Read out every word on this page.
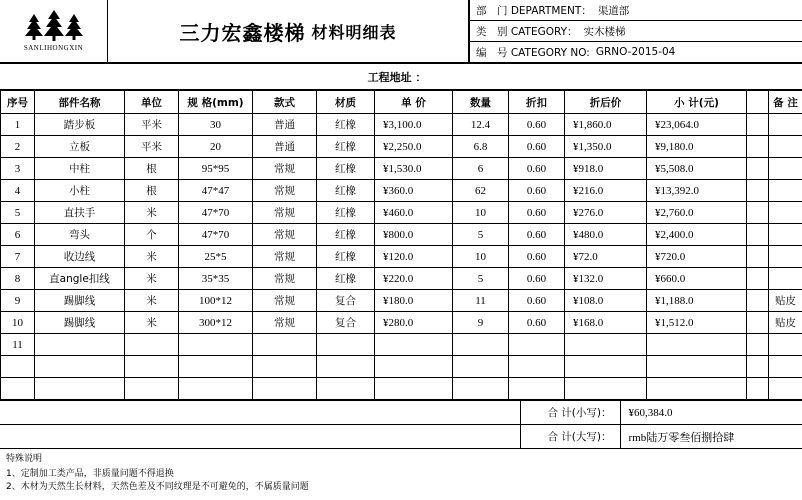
SANLIHONGXIN
三力宏鑫楼梯 材料明细表
部　门 DEPARTMENT： 渠道部
类　别 CATEGORY： 实木楼梯
编　号 CATEGORY NO: GRNO-2015-04
工程地址 ：
序号	部件名称	单位	规 格(mm)	款式	材质	单 价	数量	折扣	折后价	小 计(元)		备 注
1	踏步板	平米	30	普通	红橡	¥3,100.0	12.4	0.60	¥1,860.0	¥23,064.0		
2	立板	平米	20	普通	红橡	¥2,250.0	6.8	0.60	¥1,350.0	¥9,180.0		
3	中柱	根	95*95	常规	红橡	¥1,530.0	6	0.60	¥918.0	¥5,508.0		
4	小柱	根	47*47	常规	红橡	¥360.0	62	0.60	¥216.0	¥13,392.0		
5	直扶手	米	47*70	常规	红橡	¥460.0	10	0.60	¥276.0	¥2,760.0		
6	弯头	个	47*70	常规	红橡	¥800.0	5	0.60	¥480.0	¥2,400.0		
7	收边线	米	25*5	常规	红橡	¥120.0	10	0.60	¥72.0	¥720.0		
8	直angle扣线	米	35*35	常规	红橡	¥220.0	5	0.60	¥132.0	¥660.0		
9	踢脚线	米	100*12	常规	复合	¥180.0	11	0.60	¥108.0	¥1,188.0		贴皮
10	踢脚线	米	300*12	常规	复合	¥280.0	9	0.60	¥168.0	¥1,512.0		贴皮
11												

	合 计(小写)：	¥60,384.0
	合 计(大写)：	rmb陆万零叁佰捌拾肆
特殊说明
1、定制加工类产品，非质量问题不得退换
2、木材为天然生长材料，天然色差及不同纹理是不可避免的，不属质量问题
